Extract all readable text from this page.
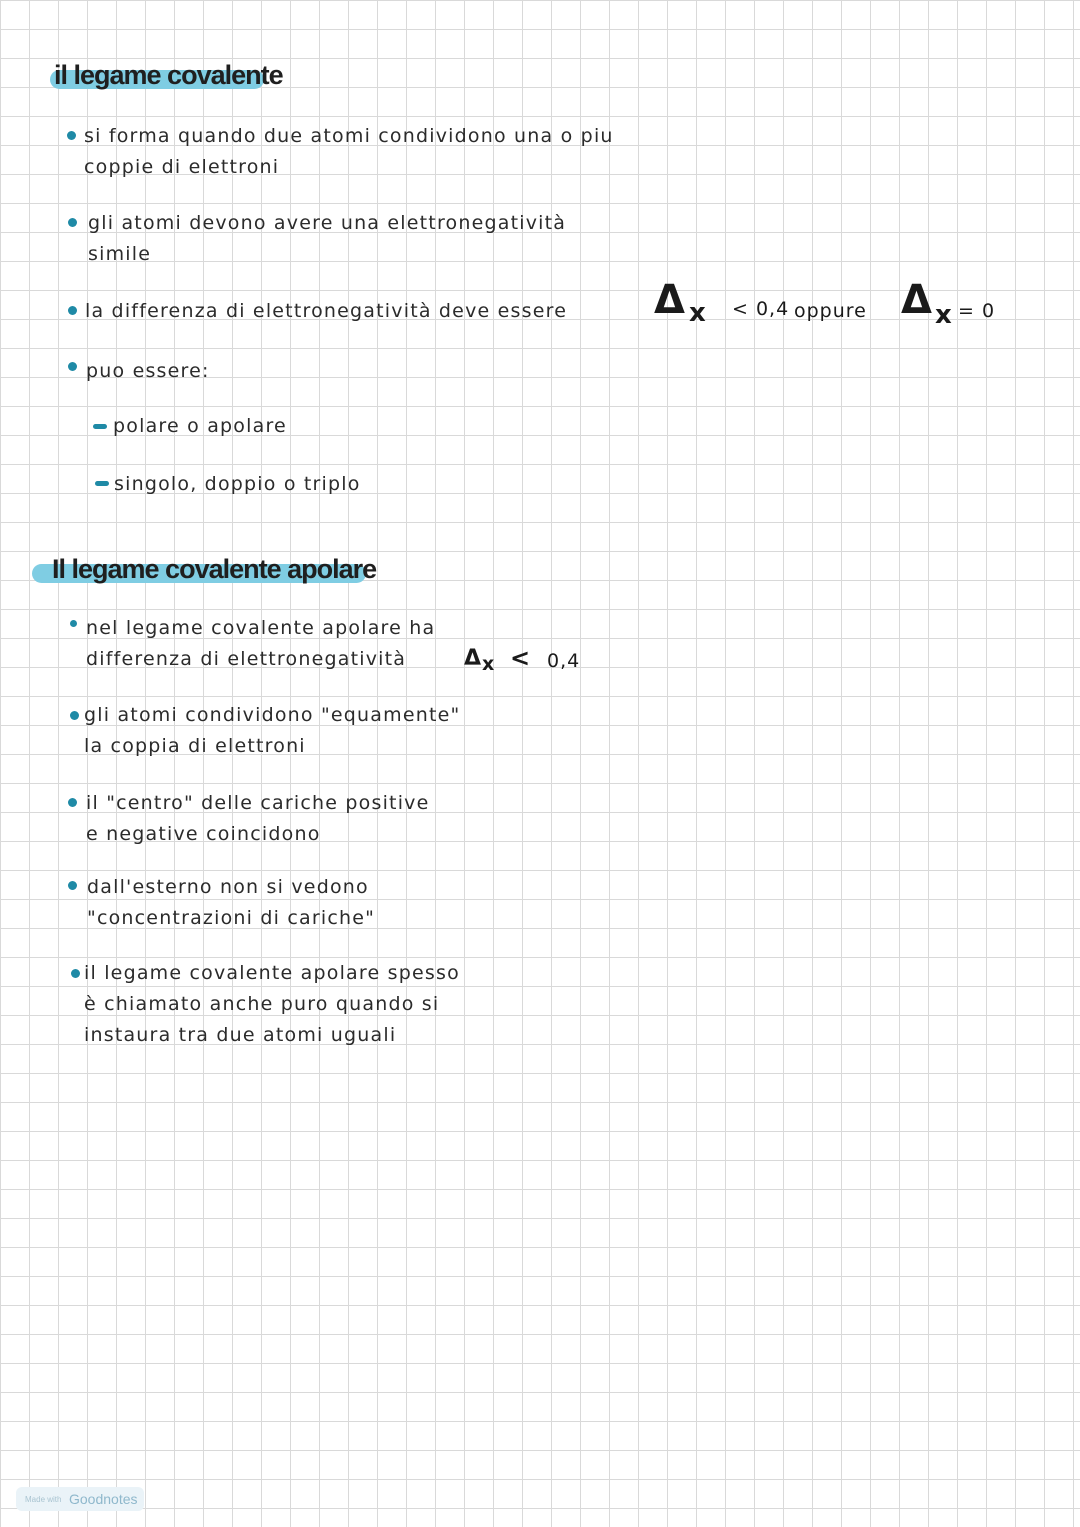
il legame covalente
si forma quando due atomi condividono una o piu
coppie di elettroni
gli atomi devono avere una elettronegatività
simile
la differenza di elettronegatività deve essere Δ x < 0,4 oppure Δ x = 0
puo essere:
polare o apolare
singolo, doppio o triplo
Il legame covalente apolare
nel legame covalente apolare ha
differenza di elettronegatività	Δ x < 0,4
gli atomi condividono "equamente"
la coppia di elettroni
il "centro" delle cariche positive
e negative coincidono
dall'esterno non si vedono
"concentrazioni di cariche"
il legame covalente apolare spesso
è chiamato anche puro quando si
instaura tra due atomi uguali
Made with Goodnotes
